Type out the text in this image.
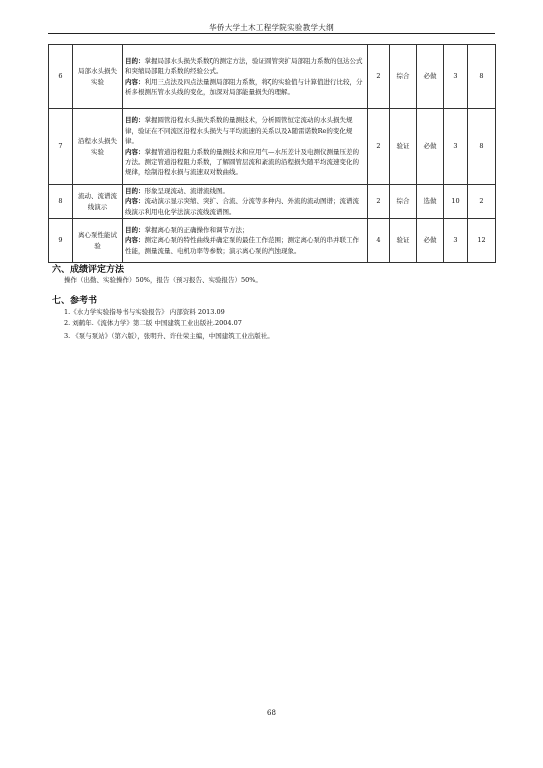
华侨大学土木工程学院实验教学大纲
6	局部水头损失实验	目的：掌握局部水头损失系数ζ的测定方法，验证圆管突扩局部阻力系数的包达公式和突缩局部阻力系数的经验公式。
内容：利用三点法及四点法量测局部阻力系数，将ζ的实验值与计算值进行比较，分析多根测压管水头线的变化，加深对局部能量损失的理解。	2	综合	必做	3	8
7	沿程水头损失实验	目的：掌握圆管沿程水头损失系数的量测技术，分析圆管恒定流动的水头损失规律，验证在不同流区沿程水头损失与平均流速的关系以及λ随雷诺数Re的变化规律。
内容：掌握管道沿程阻力系数的量测技术和应用气—水压差计及电测仪测量压差的方法。测定管道沿程阻力系数，了解圆管层流和紊流的沿程损失随平均流速变化的规律，绘制沿程水损与流速双对数曲线。	2	验证	必做	3	8
8	流动、流谱流线演示	目的：形象呈现流动、流谱流线图。
内容：流动演示显示突缩、突扩、合流、分流等多种内、外流的流动图谱；流谱流线演示利用电化学法演示流线流谱图。	2	综合	选做	10	2
9	离心泵性能试验	目的：掌握离心泵的正确操作和调节方法；
内容：测定离心泵的特性曲线并确定泵的最佳工作范围；测定离心泵的串并联工作性能，测量流量、电机功率等参数；演示离心泵的汽蚀现象。	4	验证	必做	3	12
六、成绩评定方法
操作（出勤、实验操作）50%，报告（预习报告、实验报告）50%。
七、参考书
1.《水力学实验指导书与实验报告》 内部资料 2013.09
2. 刘鹤年.《流体力学》第二版 中国建筑工业出版社.2004.07
3. 《泵与泵站》（第六版），张明升、许仕荣主编，中国建筑工业出版社。
68
